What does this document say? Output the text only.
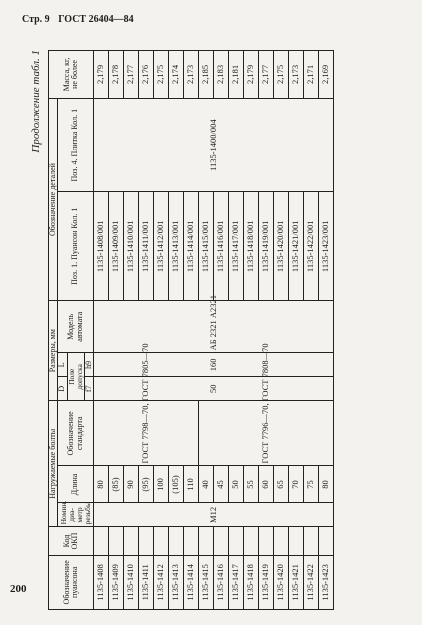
Стр. 9 ГОСТ 26404—84
200
Продолжение табл. 1
Обозначение пуансона	Код ОКП	Нагружаемые болты			Размеры, мм			Обозначение деталей		Масса, кг, не более
		Номин. диа-метр резьбы	Длина	Обозначение стандарта	D	L	Модель автомата	Поз. 1. Пуансон Кол. 1	Поз. 4. Плитка Кол. 1	
					Поле допуска					
					f7	h9				
1135-1408		М12	80	ГОСТ 7798—70, ГОСТ 7805—70	50	160	АБ 2321 А2321	1135-1408/001	1135-1400/004	2,179
1135-1409			(85)					1135-1409/001		2,178
1135-1410			90					1135-1410/001		2,177
1135-1411			(95)					1135-1411/001		2,176
1135-1412			100					1135-1412/001		2,175
1135-1413			(105)					1135-1413/001		2,174
1135-1414			110					1135-1414/001		2,173
1135-1415			40	ГОСТ 7796—70, ГОСТ 7808—70				1135-1415/001		2,185
1135-1416			45					1135-1416/001		2,183
1135-1417			50					1135-1417/001		2,181
1135-1418			55					1135-1418/001		2,179
1135-1419			60					1135-1419/001		2,177
1135-1420			65					1135-1420/001		2,175
1135-1421			70					1135-1421/001		2,173
1135-1422			75					1135-1422/001		2,171
1135-1423			80					1135-1423/001		2,169
